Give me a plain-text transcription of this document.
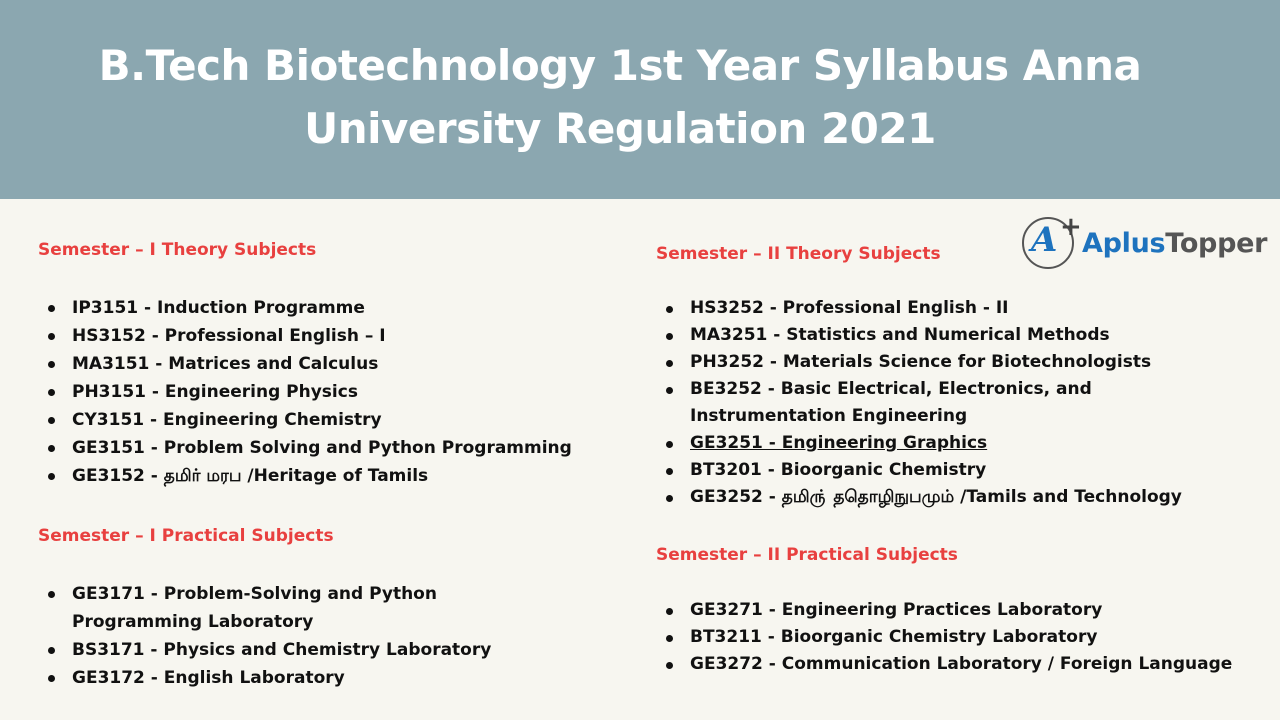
B.Tech Biotechnology 1st Year Syllabus Anna
University Regulation 2021
A +
AplusTopper
Semester – I Theory Subjects
IP3151 - Induction Programme
HS3152 - Professional English – I
MA3151 - Matrices and Calculus
PH3151 - Engineering Physics
CY3151 - Engineering Chemistry
GE3151 - Problem Solving and Python Programming
GE3152 - தமிர் மரப /Heritage of Tamils
Semester – I Practical Subjects
GE3171 - Problem-Solving and Python Programming Laboratory
BS3171 - Physics and Chemistry Laboratory
GE3172 - English Laboratory
Semester – II Theory Subjects
HS3252 - Professional English - II
MA3251 - Statistics and Numerical Methods
PH3252 - Materials Science for Biotechnologists
BE3252 - Basic Electrical, Electronics, and Instrumentation Engineering
GE3251 - Engineering Graphics
BT3201 - Bioorganic Chemistry
GE3252 - தமிரு் ததொழிநுபமும் /Tamils and Technology
Semester – II Practical Subjects
GE3271 - Engineering Practices Laboratory
BT3211 - Bioorganic Chemistry Laboratory
GE3272 - Communication Laboratory / Foreign Language
